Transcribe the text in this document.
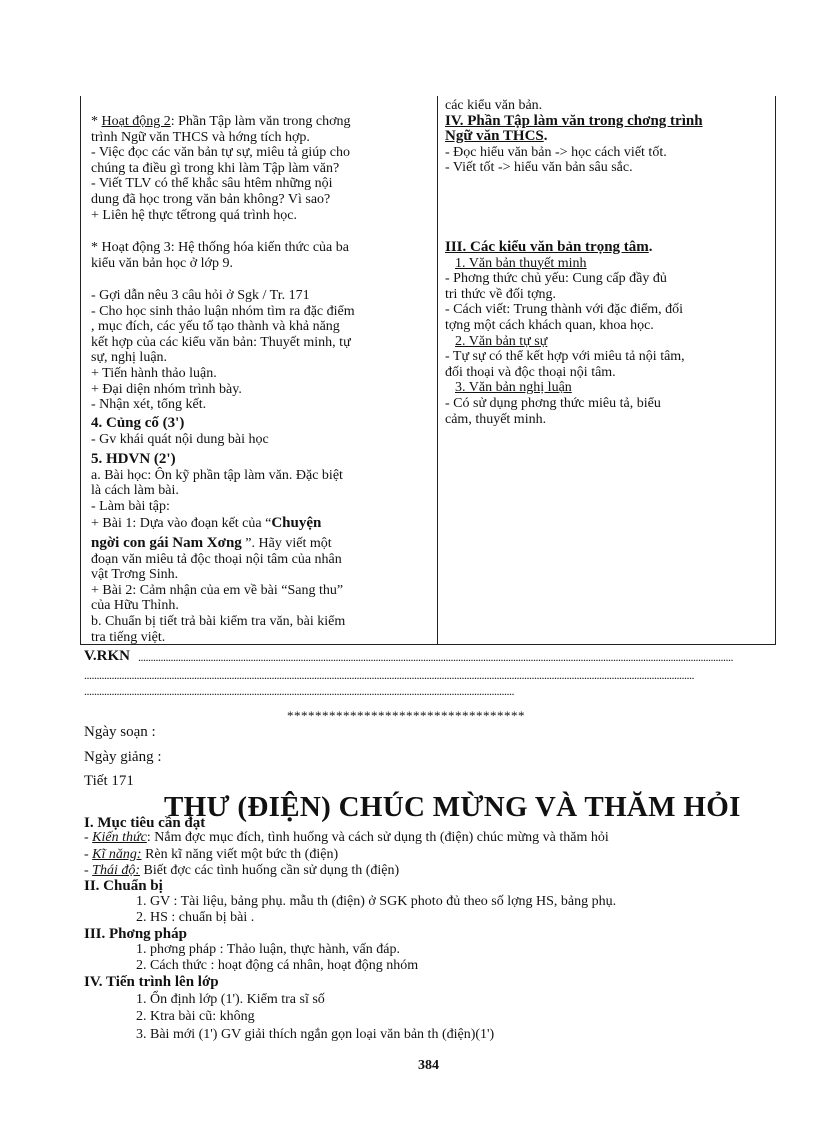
* Hoạt động 2: Phần Tập làm văn trong chơng
trình Ngữ văn THCS và hớng tích hợp.
- Việc đọc các văn bản tự sự, miêu tả giúp cho
chúng ta điều gì trong khi làm Tập làm văn?
- Viết TLV có thể khắc sâu htêm những nội
dung đã học trong văn bản không? Vì sao?
+ Liên hệ thực tếtrong quá trình học.
* Hoạt động 3: Hệ thống hóa kiến thức của ba
kiểu văn bản học ở lớp 9.
- Gợi dẫn nêu 3 câu hỏi ở Sgk / Tr. 171
- Cho học sinh thảo luận nhóm tìm ra đặc điểm
, mục đích, các yếu tố tạo thành và khả năng
kết hợp của các kiểu văn bản: Thuyết minh, tự
sự, nghị luận.
+ Tiến hành thảo luận.
+ Đại diện nhóm trình bày.
- Nhận xét, tổng kết.
4. Củng cố (3')
- Gv khái quát nội dung bài học
5. HDVN (2')
a. Bài học: Ôn kỹ phần tập làm văn. Đặc biệt
là cách làm bài.
- Làm bài tập:
+ Bài 1: Dựa vào đoạn kết của “Chuyện
ngời con gái Nam Xơng ”. Hãy viết một
đoạn văn miêu tả độc thoại nội tâm của nhân
vật Trơng Sinh.
+ Bài 2: Cảm nhận của em về bài “Sang thu”
của Hữu Thỉnh.
b. Chuẩn bị tiết trả bài kiểm tra văn, bài kiểm
tra tiếng việt.
các kiểu văn bản.
IV. Phần Tập làm văn trong chơng trình
Ngữ văn THCS.
- Đọc hiểu văn bản -> học cách viết tốt.
- Viết tốt -> hiểu văn bản sâu sắc.
III. Các kiểu văn bản trọng tâm.
1. Văn bản thuyết minh
- Phơng thức chủ yếu: Cung cấp đầy đủ
tri thức về đối tợng.
- Cách viết: Trung thành với đặc điểm, đối
tợng một cách khách quan, khoa học.
2. Văn bản tự sự
- Tự sự có thể kết hợp với miêu tả nội tâm,
đối thoại và độc thoại nội tâm.
3. Văn bản nghị luận
- Có sử dụng phơng thức miêu tả, biểu
cảm, thuyết minh.
V.RKN ..............................................................................................................................................................................................................................................
....................................................................................................................................................................................................................................................
............................................................................................................................................................................
**********************************
Ngày soạn :
Ngày giảng :
Tiết 171
THƯ (ĐIỆN) CHÚC MỪNG VÀ THĂM HỎI
I. Mục tiêu cần đạt
- Kiến thức: Nắm đợc mục đích, tình huống và cách sử dụng th (điện) chúc mừng và thăm hỏi
- Kĩ năng: Rèn kĩ năng viết một bức th (điện)
- Thái độ: Biết đợc các tình huống cần sử dụng th (điện)
II. Chuẩn bị
1. GV : Tài liệu, bảng phụ. mẫu th (điện) ở SGK photo đủ theo số lợng HS, bảng phụ.
2. HS : chuẩn bị bài .
III. Phơng pháp
1. phơng pháp : Thảo luận, thực hành, vấn đáp.
2. Cách thức : hoạt động cá nhân, hoạt động nhóm
IV. Tiến trình lên lớp
1. Ổn định lớp (1'). Kiểm tra sĩ số
2. Ktra bài cũ: không
3. Bài mới (1') GV giải thích ngắn gọn loại văn bản th (điện)(1')
384
